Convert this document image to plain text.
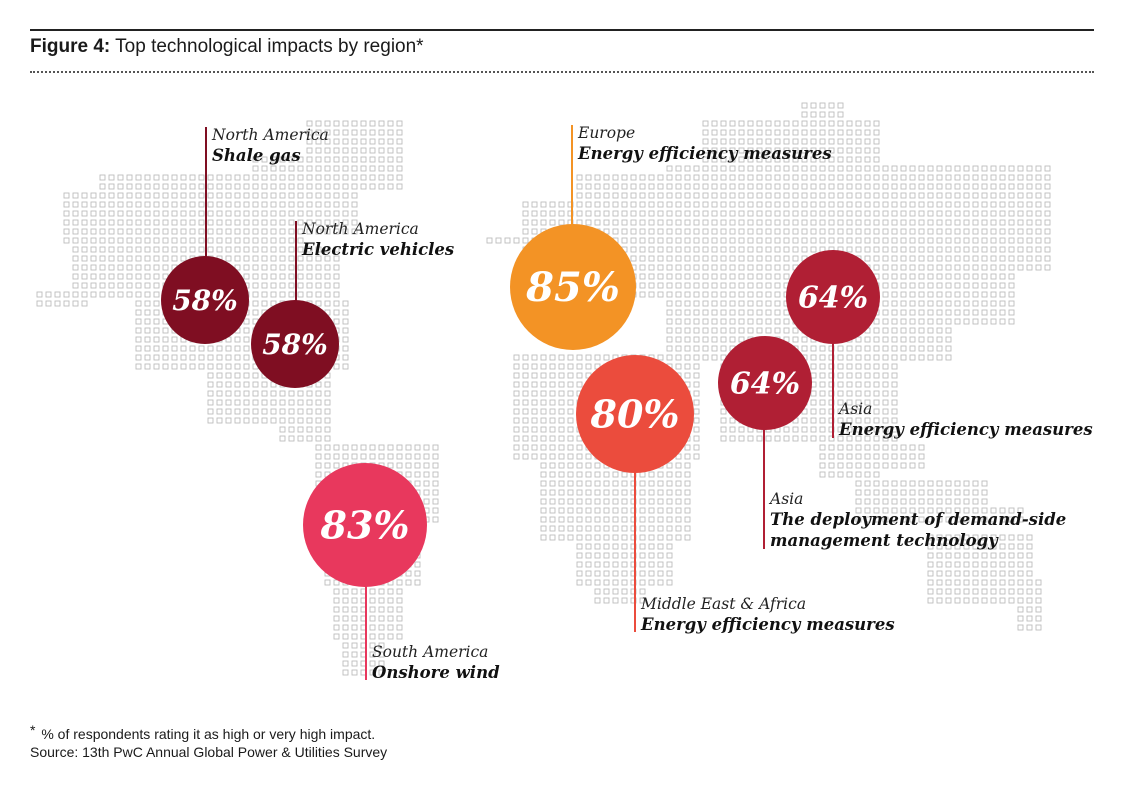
Figure 4: Top technological impacts by region*
58%
North America
Shale gas
58%
North America
Electric vehicles
83%
South America
Onshore wind
85%
Europe
Energy efficiency measures
80%
Middle East & Africa
Energy efficiency measures
64%
Asia
The deployment of demand-side management technology
64%
Asia
Energy efficiency measures
* % of respondents rating it as high or very high impact.
Source: 13th PwC Annual Global Power & Utilities Survey
